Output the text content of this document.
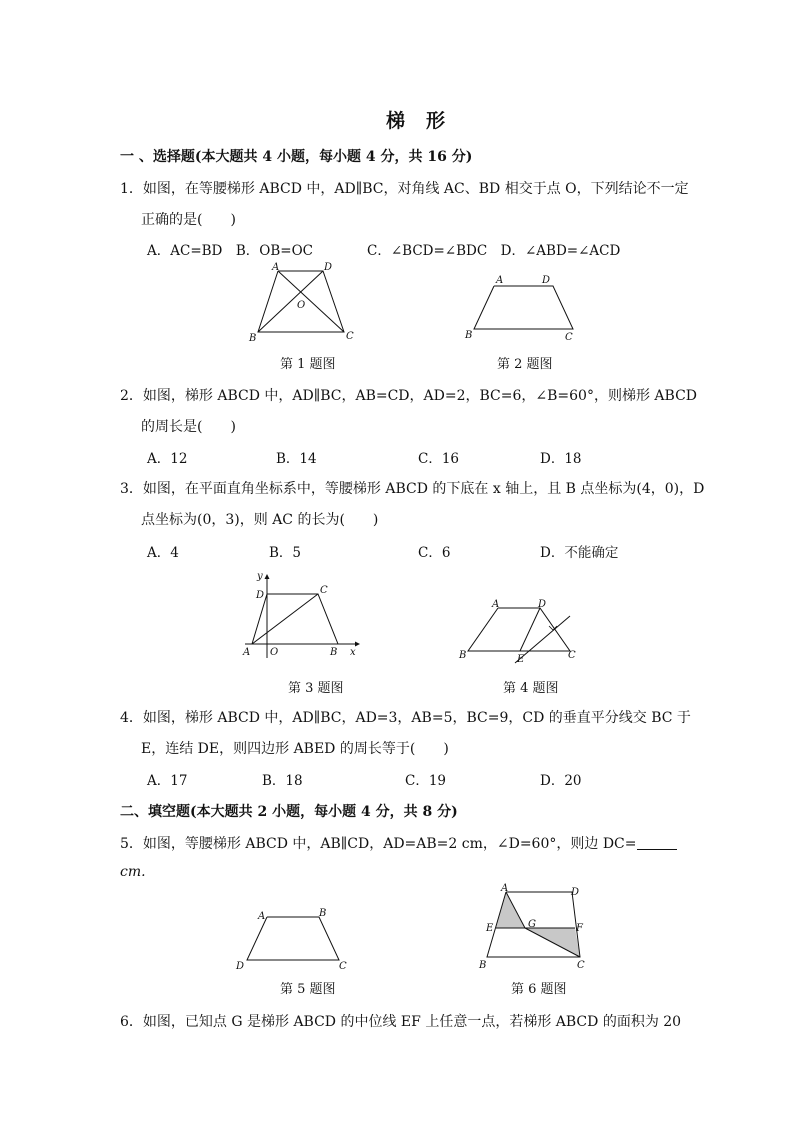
梯　形
一 、选择题(本大题共 4 小题，每小题 4 分，共 16 分)
1．如图，在等腰梯形 ABCD 中，AD∥BC，对角线 AC、BD 相交于点 O，下列结论不一定
正确的是(　　)
A．AC=BD　B．OB=OC　　　　C．∠BCD=∠BDC　D．∠ABD=∠ACD
A	D
O
B	C
第 1 题图
A	D
B	C
第 2 题图
2．如图，梯形 ABCD 中，AD∥BC，AB=CD，AD=2，BC=6，∠B=60°，则梯形 ABCD
的周长是(　　)
A．12	B．14	C．16	D．18
3．如图，在平面直角坐标系中，等腰梯形 ABCD 的下底在 x 轴上，且 B 点坐标为(4，0)，D
点坐标为(0，3)，则 AC 的长为(　　)
A．4	B．5	C．6	D．不能确定
y
D	C
A O	B x
第 3 题图
A	D
B	E	C
第 4 题图
4．如图，梯形 ABCD 中，AD∥BC，AD=3，AB=5，BC=9，CD 的垂直平分线交 BC 于
E，连结 DE，则四边形 ABED 的周长等于(　　)
A．17	B．18	C．19	D．20
二、填空题(本大题共 2 小题，每小题 4 分，共 8 分)
5．如图，等腰梯形 ABCD 中，AB∥CD，AD=AB=2 cm，∠D=60°，则边 DC=
cm.
A	B
D	C
第 5 题图
A	D
E	G	F
B	C
第 6 题图
6．如图，已知点 G 是梯形 ABCD 的中位线 EF 上任意一点，若梯形 ABCD 的面积为 20
